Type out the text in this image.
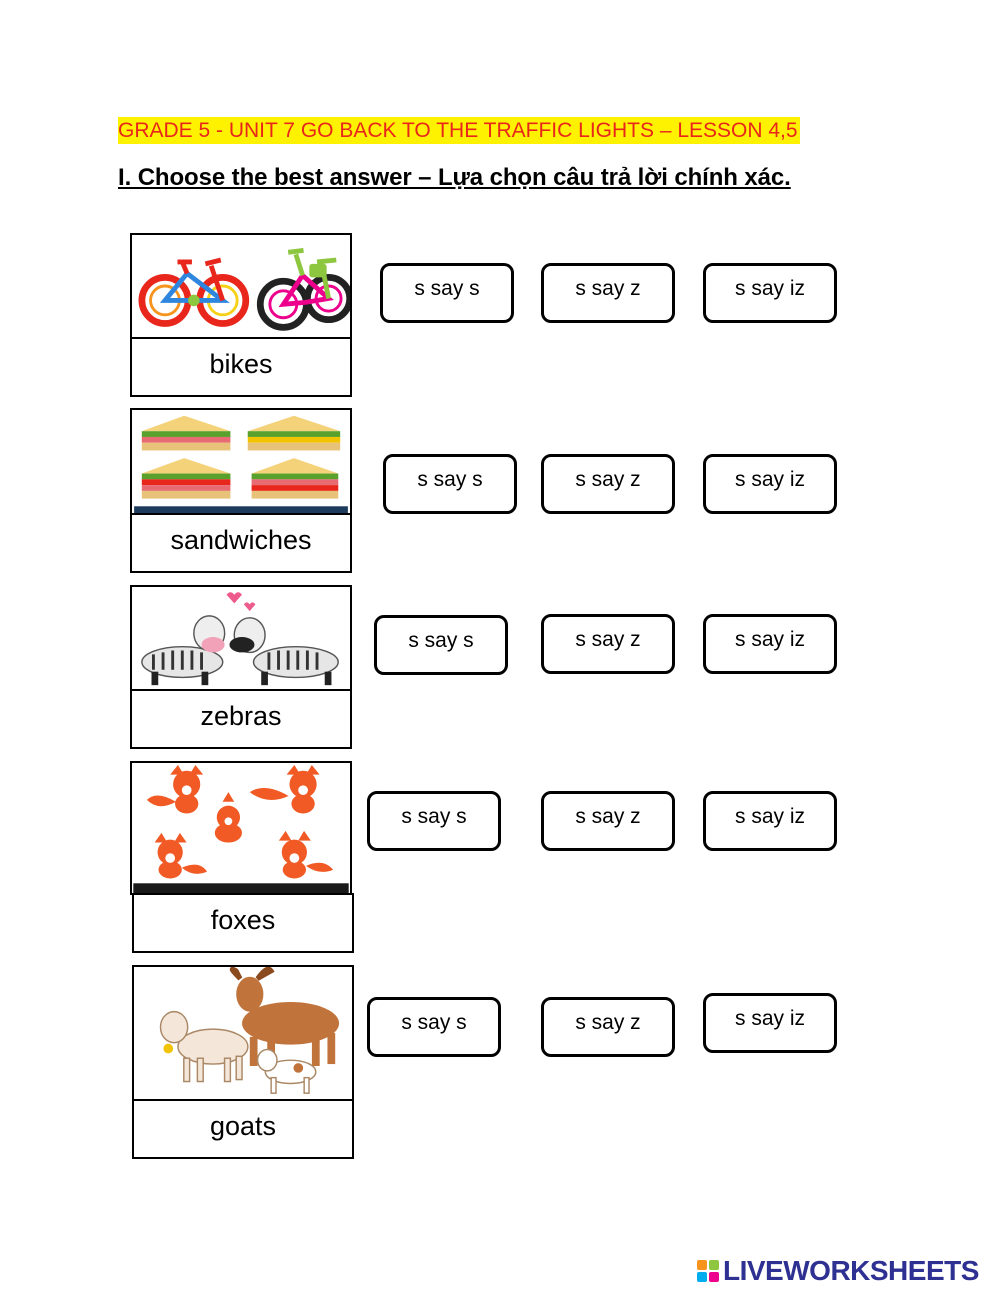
GRADE 5 - UNIT 7 GO BACK TO THE TRAFFIC LIGHTS – LESSON 4,5
I. Choose the best answer – Lựa chọn câu trả lời chính xác.
bikes
s say s	s say z	s say iz
sandwiches
s say s	s say z	s say iz
zebras
s say s	s say z	s say iz
foxes
s say s	s say z	s say iz
goats
s say s	s say z	s say iz
LIVEWORKSHEETS
